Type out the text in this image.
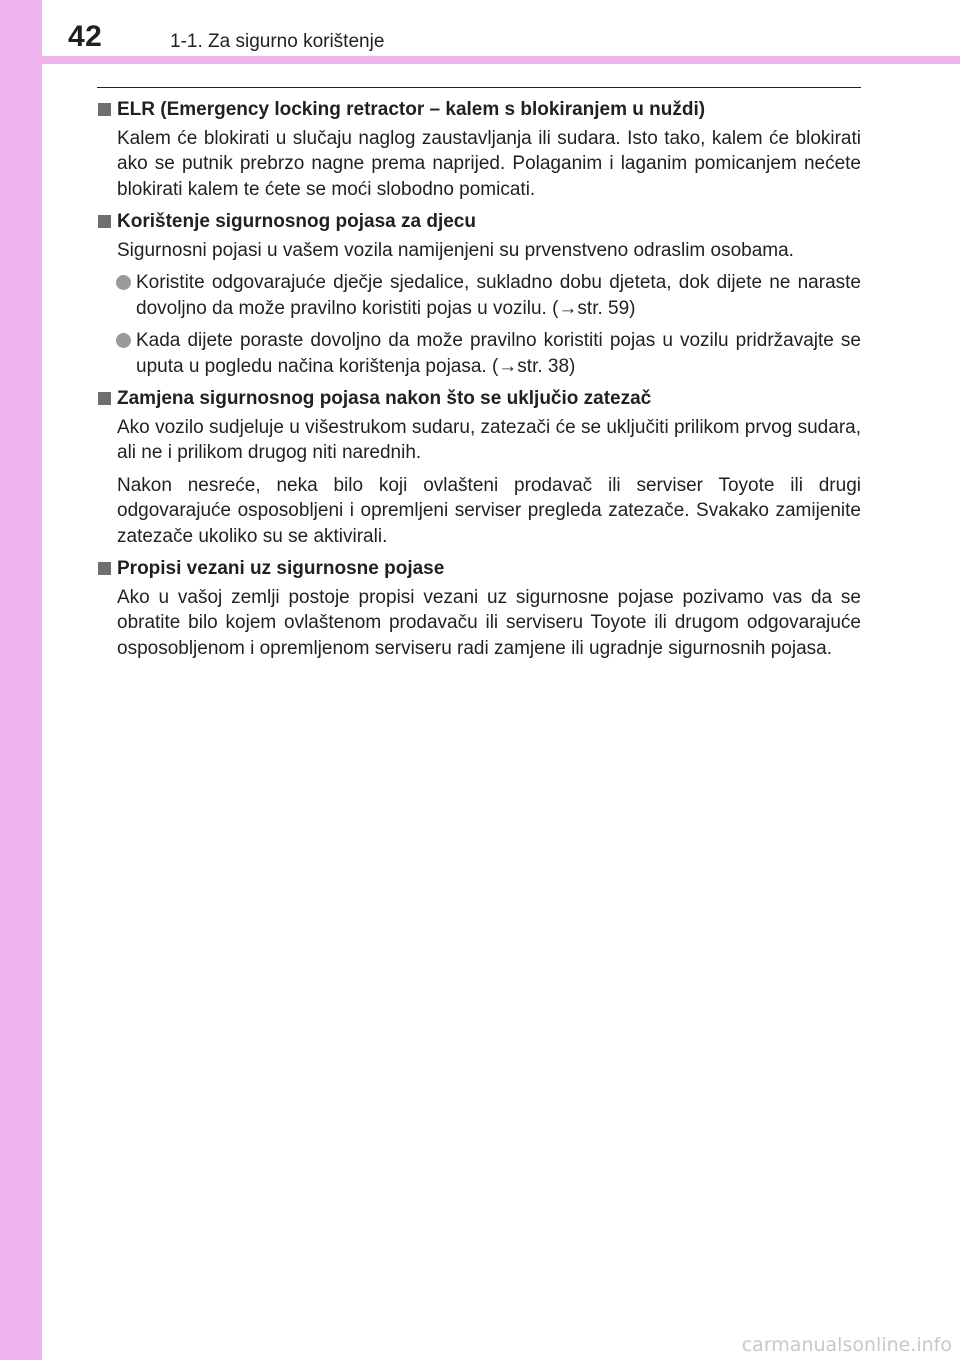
42	1-1. Za sigurno korištenje
ELR (Emergency locking retractor – kalem s blokiranjem u nuždi)

Kalem će blokirati u slučaju naglog zaustavljanja ili sudara. Isto tako, kalem će blokirati ako se putnik prebrzo nagne prema naprijed. Polaganim i laganim pomicanjem nećete blokirati kalem te ćete se moći slobodno pomicati.

Korištenje sigurnosnog pojasa za djecu

Sigurnosni pojasi u vašem vozila namijenjeni su prvenstveno odraslim osobama.

Koristite odgovarajuće dječje sjedalice, sukladno dobu djeteta, dok dijete ne naraste dovoljno da može pravilno koristiti pojas u vozilu. (→str. 59)
Kada dijete poraste dovoljno da može pravilno koristiti pojas u vozilu pridržavajte se uputa u pogledu načina korištenja pojasa. (→str. 38)
Zamjena sigurnosnog pojasa nakon što se uključio zatezač

Ako vozilo sudjeluje u višestrukom sudaru, zatezači će se uključiti prilikom prvog sudara, ali ne i prilikom drugog niti narednih.

Nakon nesreće, neka bilo koji ovlašteni prodavač ili serviser Toyote ili drugi odgovarajuće osposobljeni i opremljeni serviser pregleda zatezače. Svakako zamijenite zatezače ukoliko su se aktivirali.

Propisi vezani uz sigurnosne pojase

Ako u vašoj zemlji postoje propisi vezani uz sigurnosne pojase pozivamo vas da se obratite bilo kojem ovlaštenom prodavaču ili serviseru Toyote ili drugom odgovarajuće osposobljenom i opremljenom serviseru radi zamjene ili ugradnje sigurnosnih pojasa.

carmanualsonline.info
